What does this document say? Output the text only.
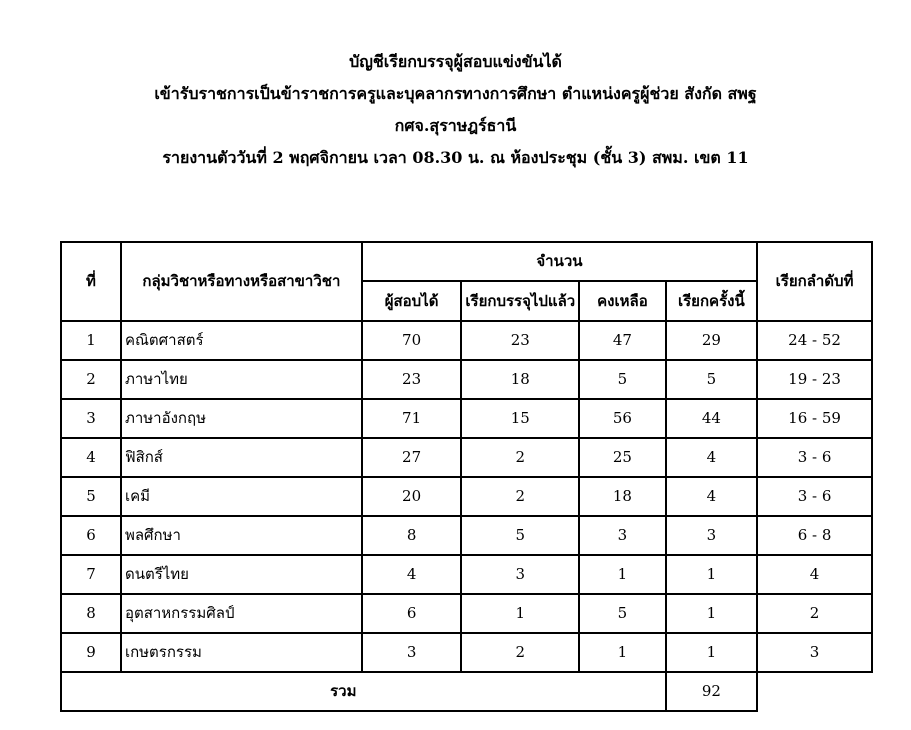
บัญชีเรียกบรรจุผู้สอบแข่งขันได้
เข้ารับราชการเป็นข้าราชการครูและบุคลากรทางการศึกษา ตำแหน่งครูผู้ช่วย สังกัด สพฐ
กศจ.สุราษฎร์ธานี
รายงานตัววันที่ 2 พฤศจิกายน เวลา 08.30 น. ณ ห้องประชุม (ชั้น 3) สพม. เขต 11
ที่	กลุ่มวิชาหรือทางหรือสาขาวิชา	จำนวน				เรียกลำดับที่
		ผู้สอบได้	เรียกบรรจุไปแล้ว	คงเหลือ	เรียกครั้งนี้	
1	คณิตศาสตร์	70	23	47	29	24 - 52
2	ภาษาไทย	23	18	5	5	19 - 23
3	ภาษาอังกฤษ	71	15	56	44	16 - 59
4	ฟิสิกส์	27	2	25	4	3 - 6
5	เคมี	20	2	18	4	3 - 6
6	พลศึกษา	8	5	3	3	6 - 8
7	ดนตรีไทย	4	3	1	1	4
8	อุตสาหกรรมศิลป์	6	1	5	1	2
9	เกษตรกรรม	3	2	1	1	3
รวม					92	
